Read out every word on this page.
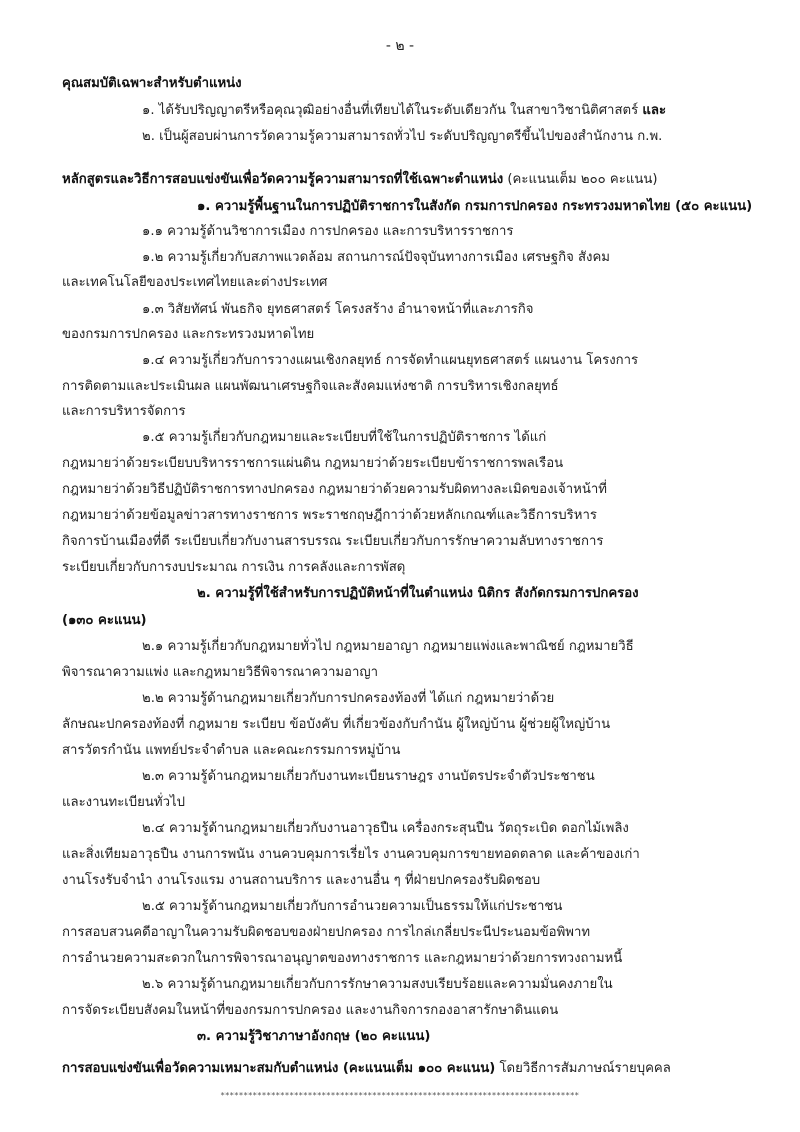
- ๒ -
คุณสมบัติเฉพาะสำหรับตำแหน่ง
๑. ได้รับปริญญาตรีหรือคุณวุฒิอย่างอื่นที่เทียบได้ในระดับเดียวกัน ในสาขาวิชานิติศาสตร์ และ
๒. เป็นผู้สอบผ่านการวัดความรู้ความสามารถทั่วไป ระดับปริญญาตรีขึ้นไปของสำนักงาน ก.พ.
หลักสูตรและวิธีการสอบแข่งขันเพื่อวัดความรู้ความสามารถที่ใช้เฉพาะตำแหน่ง (คะแนนเต็ม ๒๐๐ คะแนน)
๑. ความรู้พื้นฐานในการปฏิบัติราชการในสังกัด กรมการปกครอง กระทรวงมหาดไทย (๕๐ คะแนน)
๑.๑ ความรู้ด้านวิชาการเมือง การปกครอง และการบริหารราชการ
๑.๒ ความรู้เกี่ยวกับสภาพแวดล้อม สถานการณ์ปัจจุบันทางการเมือง เศรษฐกิจ สังคม
และเทคโนโลยีของประเทศไทยและต่างประเทศ
๑.๓ วิสัยทัศน์ พันธกิจ ยุทธศาสตร์ โครงสร้าง อำนาจหน้าที่และภารกิจ
ของกรมการปกครอง และกระทรวงมหาดไทย
๑.๔ ความรู้เกี่ยวกับการวางแผนเชิงกลยุทธ์ การจัดทำแผนยุทธศาสตร์ แผนงาน โครงการ
การติดตามและประเมินผล แผนพัฒนาเศรษฐกิจและสังคมแห่งชาติ การบริหารเชิงกลยุทธ์
และการบริหารจัดการ
๑.๕ ความรู้เกี่ยวกับกฎหมายและระเบียบที่ใช้ในการปฏิบัติราชการ ได้แก่
กฎหมายว่าด้วยระเบียบบริหารราชการแผ่นดิน กฎหมายว่าด้วยระเบียบข้าราชการพลเรือน
กฎหมายว่าด้วยวิธีปฏิบัติราชการทางปกครอง กฎหมายว่าด้วยความรับผิดทางละเมิดของเจ้าหน้าที่
กฎหมายว่าด้วยข้อมูลข่าวสารทางราชการ พระราชกฤษฎีกาว่าด้วยหลักเกณฑ์และวิธีการบริหาร
กิจการบ้านเมืองที่ดี ระเบียบเกี่ยวกับงานสารบรรณ ระเบียบเกี่ยวกับการรักษาความลับทางราชการ
ระเบียบเกี่ยวกับการงบประมาณ การเงิน การคลังและการพัสดุ
๒. ความรู้ที่ใช้สำหรับการปฏิบัติหน้าที่ในตำแหน่ง นิติกร สังกัดกรมการปกครอง
(๑๓๐ คะแนน)
๒.๑ ความรู้เกี่ยวกับกฎหมายทั่วไป กฎหมายอาญา กฎหมายแพ่งและพาณิชย์ กฎหมายวิธี
พิจารณาความแพ่ง และกฎหมายวิธีพิจารณาความอาญา
๒.๒ ความรู้ด้านกฎหมายเกี่ยวกับการปกครองท้องที่ ได้แก่ กฎหมายว่าด้วย
ลักษณะปกครองท้องที่ กฎหมาย ระเบียบ ข้อบังคับ ที่เกี่ยวข้องกับกำนัน ผู้ใหญ่บ้าน ผู้ช่วยผู้ใหญ่บ้าน
สารวัตรกำนัน แพทย์ประจำตำบล และคณะกรรมการหมู่บ้าน
๒.๓ ความรู้ด้านกฎหมายเกี่ยวกับงานทะเบียนราษฎร งานบัตรประจำตัวประชาชน
และงานทะเบียนทั่วไป
๒.๔ ความรู้ด้านกฎหมายเกี่ยวกับงานอาวุธปืน เครื่องกระสุนปืน วัตถุระเบิด ดอกไม้เพลิง
และสิ่งเทียมอาวุธปืน งานการพนัน งานควบคุมการเรี่ยไร งานควบคุมการขายทอดตลาด และค้าของเก่า
งานโรงรับจำนำ งานโรงแรม งานสถานบริการ และงานอื่น ๆ ที่ฝ่ายปกครองรับผิดชอบ
๒.๕ ความรู้ด้านกฎหมายเกี่ยวกับการอำนวยความเป็นธรรมให้แก่ประชาชน
การสอบสวนคดีอาญาในความรับผิดชอบของฝ่ายปกครอง การไกล่เกลี่ยประนีประนอมข้อพิพาท
การอำนวยความสะดวกในการพิจารณาอนุญาตของทางราชการ และกฎหมายว่าด้วยการทวงถามหนี้
๒.๖ ความรู้ด้านกฎหมายเกี่ยวกับการรักษาความสงบเรียบร้อยและความมั่นคงภายใน
การจัดระเบียบสังคมในหน้าที่ของกรมการปกครอง และงานกิจการกองอาสารักษาดินแดน
๓. ความรู้วิชาภาษาอังกฤษ (๒๐ คะแนน)
การสอบแข่งขันเพื่อวัดความเหมาะสมกับตำแหน่ง (คะแนนเต็ม ๑๐๐ คะแนน) โดยวิธีการสัมภาษณ์รายบุคคล
******************************************************************************
